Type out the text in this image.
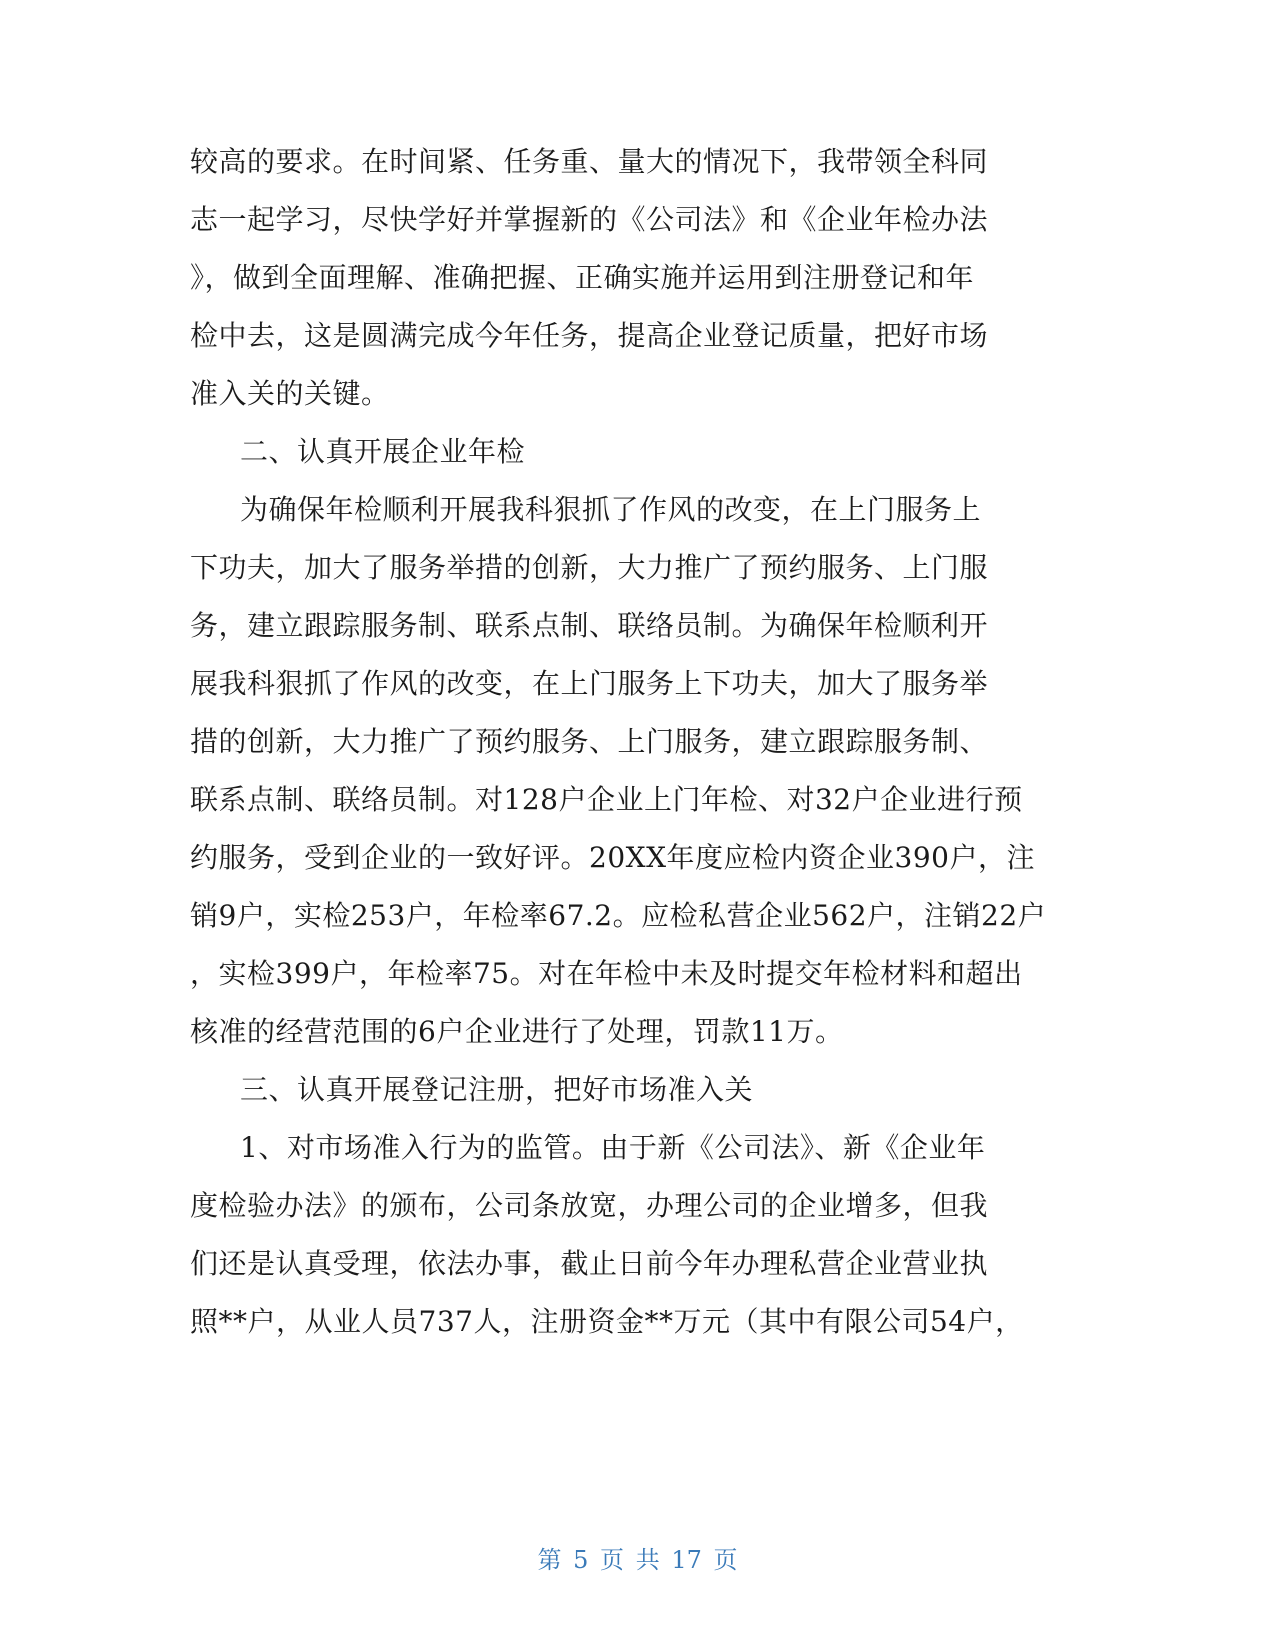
较高的要求。在时间紧、任务重、量大的情况下，我带领全科同
志一起学习，尽快学好并掌握新的《公司法》和《企业年检办法
》，做到全面理解、准确把握、正确实施并运用到注册登记和年
检中去，这是圆满完成今年任务，提高企业登记质量，把好市场
准入关的关键。
二、认真开展企业年检
为确保年检顺利开展我科狠抓了作风的改变，在上门服务上
下功夫，加大了服务举措的创新，大力推广了预约服务、上门服
务，建立跟踪服务制、联系点制、联络员制。为确保年检顺利开
展我科狠抓了作风的改变，在上门服务上下功夫，加大了服务举
措的创新，大力推广了预约服务、上门服务，建立跟踪服务制、
联系点制、联络员制。对128户企业上门年检、对32户企业进行预
约服务，受到企业的一致好评。20XX年度应检内资企业390户，注
销9户，实检253户，年检率67.2。应检私营企业562户，注销22户
，实检399户，年检率75。对在年检中未及时提交年检材料和超出
核准的经营范围的6户企业进行了处理，罚款11万。
三、认真开展登记注册，把好市场准入关
1、对市场准入行为的监管。由于新《公司法》、新《企业年
度检验办法》的颁布，公司条放宽，办理公司的企业增多，但我
们还是认真受理，依法办事，截止日前今年办理私营企业营业执
照**户，从业人员737人，注册资金**万元（其中有限公司54户，
第 5 页 共 17 页
